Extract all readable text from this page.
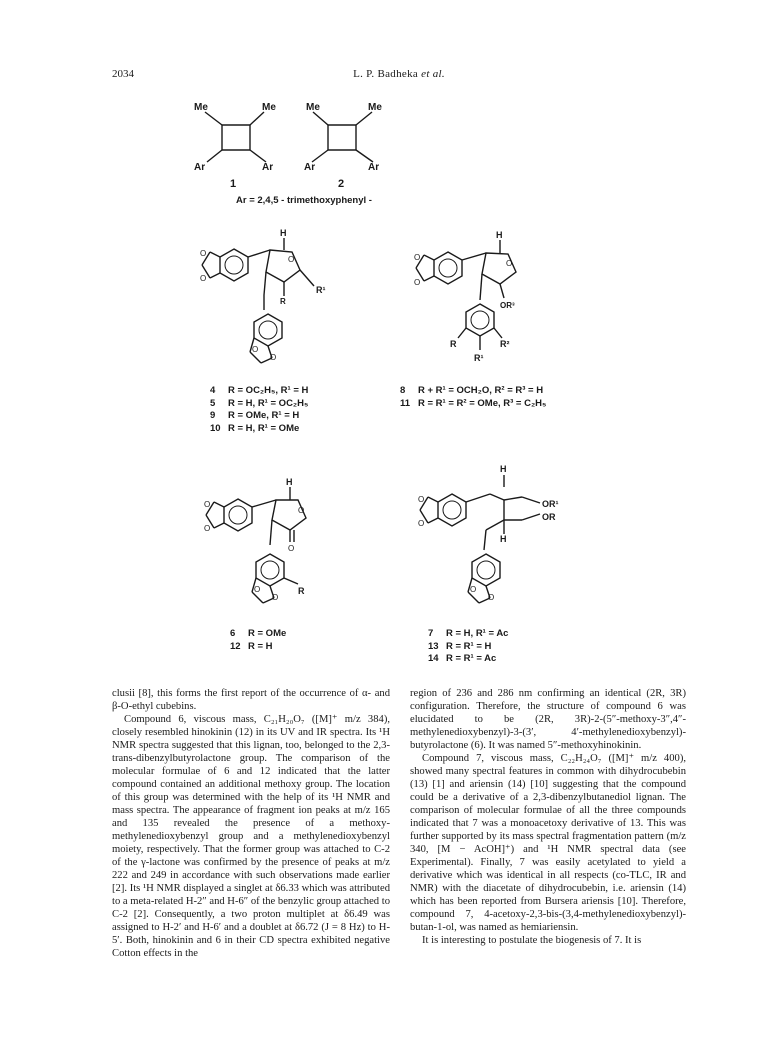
2034	L. P. Badheka et al.
Me	Me
Ar	Ar
1
Me	Me
Ar	Ar
2
Ar = 2,4,5 - trimethoxyphenyl -
O
O
H
O
R¹
R
O
O
O
O
H
O
OR³
R	R²
R¹
O
O
H
O
O
R
O
O
O
O
H
OR¹
OR
H
O
O
4 R = OC₂H₅, R¹ = H
5 R = H, R¹ = OC₂H₅
9 R = OMe, R¹ = H
10 R = H, R¹ = OMe
8 R + R¹ = OCH₂O, R² = R³ = H
11 R = R¹ = R² = OMe, R³ = C₂H₅
6 R = OMe
12 R = H
7 R = H, R¹ = Ac
13 R = R¹ = H
14 R = R¹ = Ac

clusii [8], this forms the first report of the occurrence of α- and β-O-ethyl cubebins.

Compound 6, viscous mass, C₂₁H₂₀O₇ ([M]⁺ m/z 384), closely resembled hinokinin (12) in its UV and IR spectra. Its ¹H NMR spectra suggested that this lignan, too, belonged to the 2,3-trans-dibenzylbutyrolactone group. The comparison of the molecular formulae of 6 and 12 indicated that the latter compound contained an additional methoxy group. The location of this group was determined with the help of its ¹H NMR and mass spectra. The appearance of fragment ion peaks at m/z 165 and 135 revealed the presence of a methoxy-methylenedioxybenzyl group and a methylenedioxybenzyl moiety, respectively. That the former group was attached to C-2 of the γ-lactone was confirmed by the presence of peaks at m/z 222 and 249 in accordance with such observations made earlier [2]. Its ¹H NMR displayed a singlet at δ6.33 which was attributed to a meta-related H-2″ and H-6″ of the benzylic group attached to C-2 [2]. Consequently, a two proton multiplet at δ6.49 was assigned to H-2′ and H-6′ and a doublet at δ6.72 (J = 8 Hz) to H-5′. Both, hinokinin and 6 in their CD spectra exhibited negative Cotton effects in the

region of 236 and 286 nm confirming an identical (2R, 3R) configuration. Therefore, the structure of compound 6 was elucidated to be (2R, 3R)-2-(5″-methoxy-3″,4″-methylenedioxybenzyl)-3-(3′, 4′-methylenedioxybenzyl)-butyrolactone (6). It was named 5″-methoxyhinokinin.

Compound 7, viscous mass, C₂₂H₂₄O₇ ([M]⁺ m/z 400), showed many spectral features in common with dihydrocubebin (13) [1] and ariensin (14) [10] suggesting that the compound could be a derivative of a 2,3-dibenzylbutanediol lignan. The comparison of molecular formulae of all the three compounds indicated that 7 was a monoacetoxy derivative of 13. This was further supported by its mass spectral fragmentation pattern (m/z 340, [M − AcOH]⁺) and ¹H NMR spectral data (see Experimental). Finally, 7 was easily acetylated to yield a derivative which was identical in all respects (co-TLC, IR and NMR) with the diacetate of dihydrocubebin, i.e. ariensin (14) which has been reported from Bursera ariensis [10]. Therefore, compound 7, 4-acetoxy-2,3-bis-(3,4-methylenedioxybenzyl)-butan-1-ol, was named as hemiariensin.

It is interesting to postulate the biogenesis of 7. It is
